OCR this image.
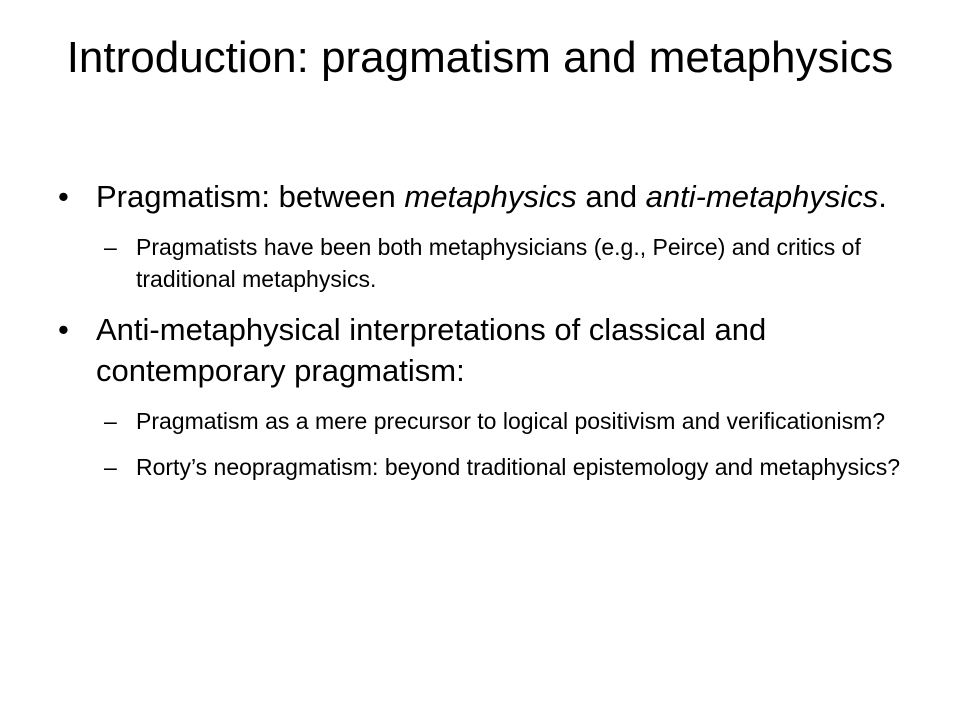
Introduction: pragmatism and metaphysics
• Pragmatism: between metaphysics and anti-metaphysics.
– Pragmatists have been both metaphysicians (e.g., Peirce) and critics of traditional metaphysics.
• Anti-metaphysical interpretations of classical and contemporary pragmatism:
– Pragmatism as a mere precursor to logical positivism and verificationism?
– Rorty’s neopragmatism: beyond traditional epistemology and metaphysics?
